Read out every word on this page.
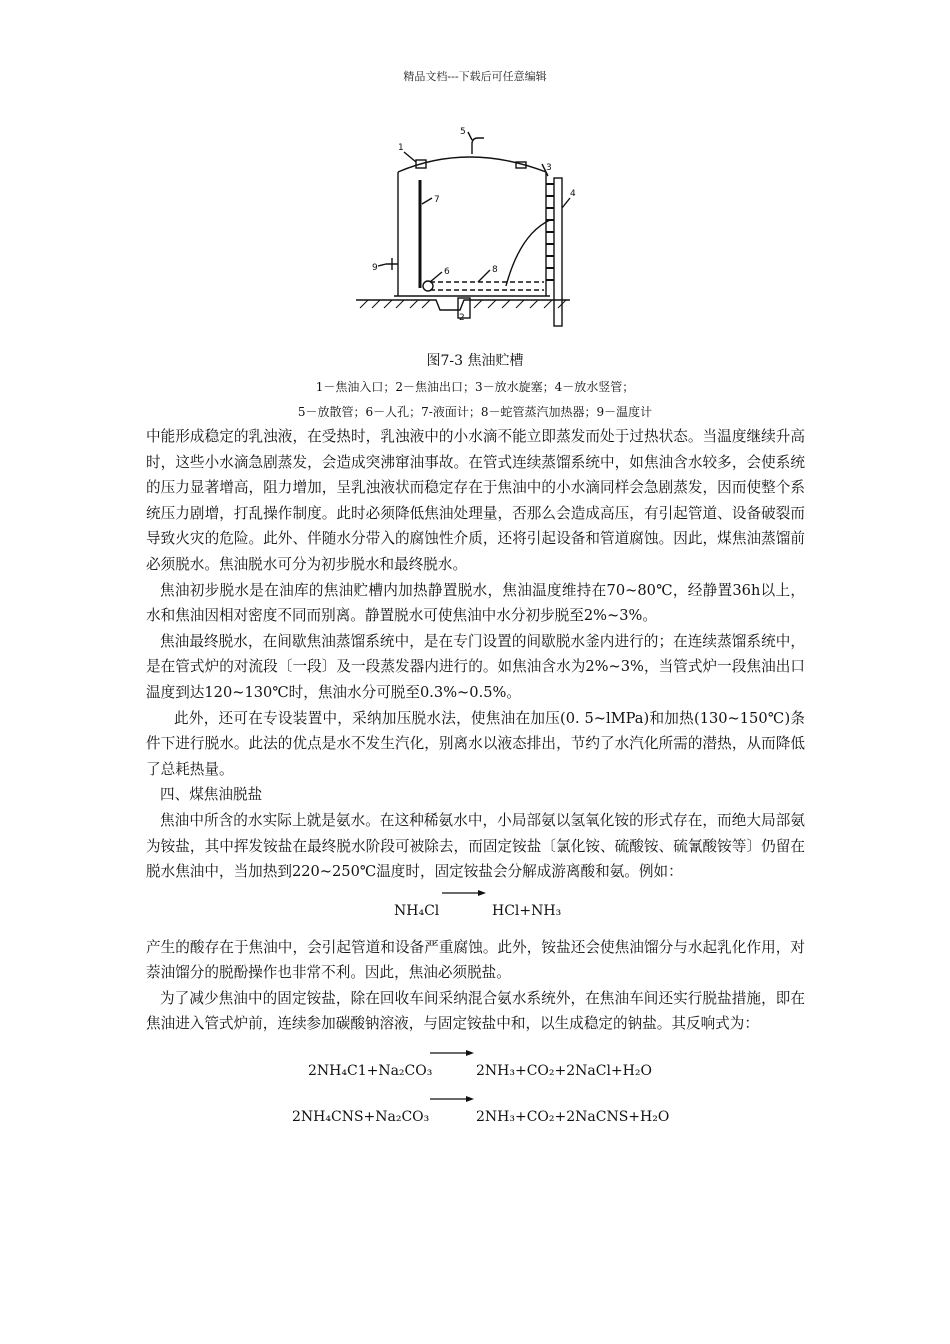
精品文档---下载后可任意编辑
1
2
3
4
5
6
7
8
9
图7-3 焦油贮槽
1－焦油入口；2－焦油出口；3－放水旋塞；4－放水竖管；
5－放散管；6－人孔；7-液面计；8－蛇管蒸汽加热器；9－温度计

中能形成稳定的乳浊液，在受热时，乳浊液中的小水滴不能立即蒸发而处于过热状态。当温度继续升高时，这些小水滴急剧蒸发，会造成突沸窜油事故。在管式连续蒸馏系统中，如焦油含水较多，会使系统的压力显著增高，阻力增加，呈乳浊液状而稳定存在于焦油中的小水滴同样会急剧蒸发，因而使整个系统压力剧增，打乱操作制度。此时必须降低焦油处理量，否那么会造成高压，有引起管道、设备破裂而导致火灾的危险。此外、伴随水分带入的腐蚀性介质，还将引起设备和管道腐蚀。因此，煤焦油蒸馏前必须脱水。焦油脱水可分为初步脱水和最终脱水。

焦油初步脱水是在油库的焦油贮槽内加热静置脱水，焦油温度维持在70~80℃，经静置36h以上，水和焦油因相对密度不同而别离。静置脱水可使焦油中水分初步脱至2%~3%。

焦油最终脱水，在间歇焦油蒸馏系统中，是在专门设置的间歇脱水釜内进行的；在连续蒸馏系统中，是在管式炉的对流段〔一段〕及一段蒸发器内进行的。如焦油含水为2%~3%，当管式炉一段焦油出口温度到达120~130℃时，焦油水分可脱至0.3%~0.5%。

此外，还可在专设装置中，采纳加压脱水法，使焦油在加压(0. 5~lMPa)和加热(130~150℃)条件下进行脱水。此法的优点是水不发生汽化，别离水以液态排出，节约了水汽化所需的潜热，从而降低了总耗热量。

四、煤焦油脱盐

焦油中所含的水实际上就是氨水。在这种稀氨水中，小局部氨以氢氧化铵的形式存在，而绝大局部氨为铵盐，其中挥发铵盐在最终脱水阶段可被除去，而固定铵盐〔氯化铵、硫酸铵、硫氰酸铵等〕仍留在脱水焦油中，当加热到220~250℃温度时，固定铵盐会分解成游离酸和氨。例如：

NH₄Cl	HCl+NH₃

产生的酸存在于焦油中，会引起管道和设备严重腐蚀。此外，铵盐还会使焦油馏分与水起乳化作用，对萘油馏分的脱酚操作也非常不利。因此，焦油必须脱盐。

为了减少焦油中的固定铵盐，除在回收车间采纳混合氨水系统外，在焦油车间还实行脱盐措施，即在焦油进入管式炉前，连续参加碳酸钠溶液，与固定铵盐中和，以生成稳定的钠盐。其反响式为：

2NH₄C1+Na₂CO₃	2NH₃+CO₂+2NaCl+H₂O
2NH₄CNS+Na₂CO₃	2NH₃+CO₂+2NaCNS+H₂O
